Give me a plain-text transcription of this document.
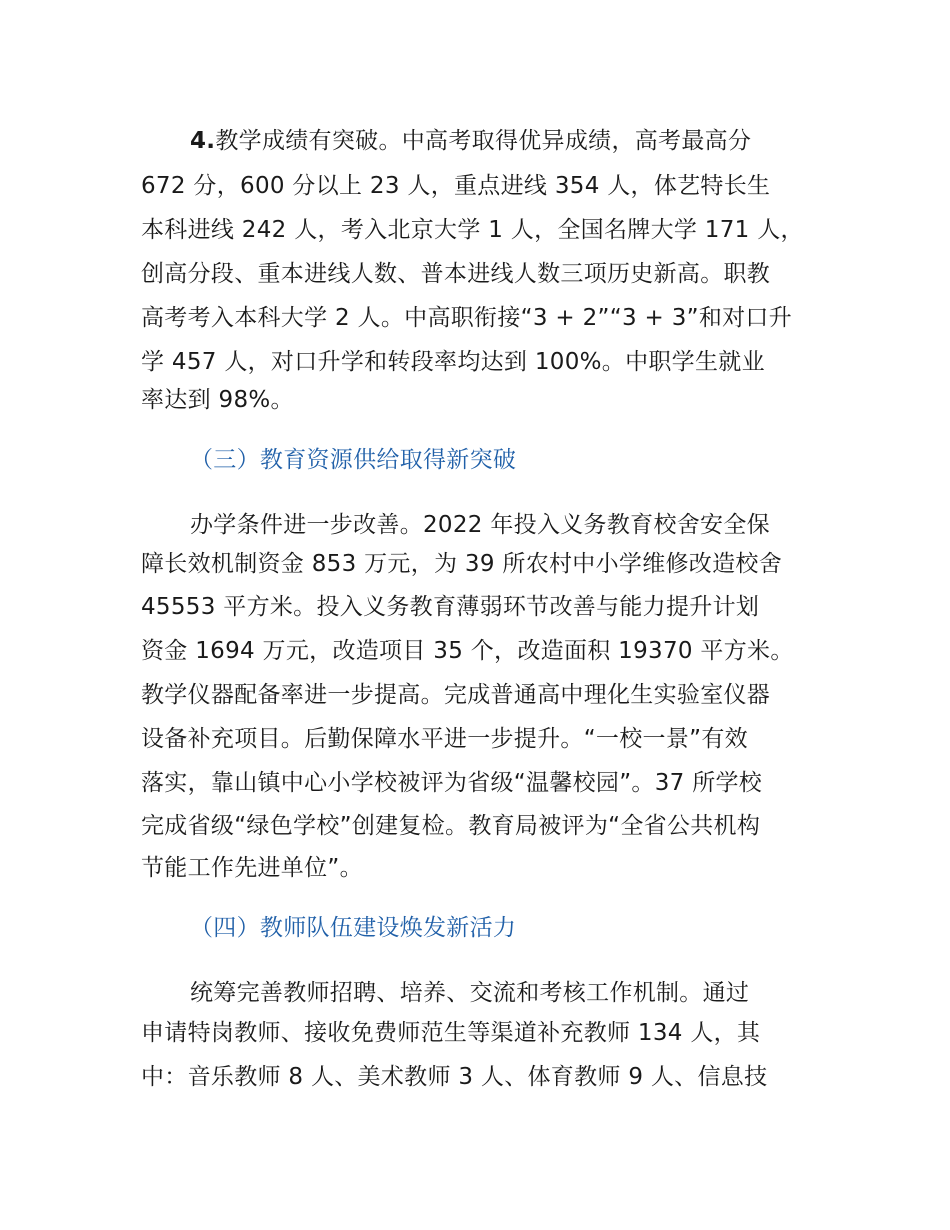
4.教学成绩有突破。中高考取得优异成绩，高考最高分
672 分，600 分以上 23 人，重点进线 354 人，体艺特长生
本科进线 242 人，考入北京大学 1 人，全国名牌大学 171 人，
创高分段、重本进线人数、普本进线人数三项历史新高。职教
高考考入本科大学 2 人。中高职衔接“3 + 2”“3 + 3”和对口升
学 457 人，对口升学和转段率均达到 100%。中职学生就业
率达到 98%。
（三）教育资源供给取得新突破
办学条件进一步改善。2022 年投入义务教育校舍安全保
障长效机制资金 853 万元，为 39 所农村中小学维修改造校舍
45553 平方米。投入义务教育薄弱环节改善与能力提升计划
资金 1694 万元，改造项目 35 个，改造面积 19370 平方米。
教学仪器配备率进一步提高。完成普通高中理化生实验室仪器
设备补充项目。后勤保障水平进一步提升。“一校一景”有效
落实，靠山镇中心小学校被评为省级“温馨校园”。37 所学校
完成省级“绿色学校”创建复检。教育局被评为“全省公共机构
节能工作先进单位”。
（四）教师队伍建设焕发新活力
统筹完善教师招聘、培养、交流和考核工作机制。通过
申请特岗教师、接收免费师范生等渠道补充教师 134 人，其
中：音乐教师 8 人、美术教师 3 人、体育教师 9 人、信息技
